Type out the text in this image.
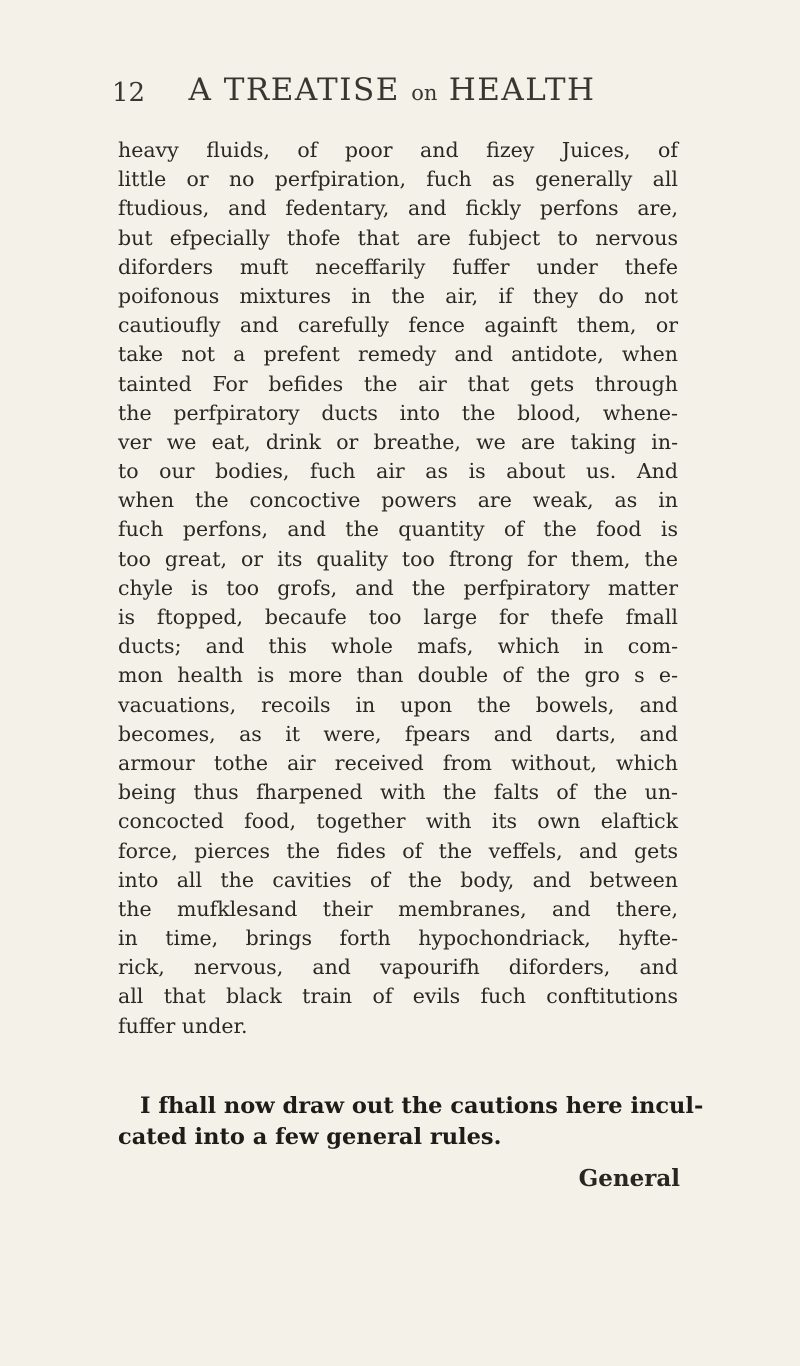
12	A TREATISE on HEALTH
heavy fluids, of poor and fizey Juices, of
little or no perfpiration, fuch as generally all
ftudious, and fedentary, and fickly perfons are,
but efpecially thofe that are fubject to nervous
diforders muft neceffarily fuffer under thefe
poifonous mixtures in the air, if they do not
cautioufly and carefully fence againft them, or
take not a prefent remedy and antidote, when
tainted For befides the air that gets through
the perfpiratory ducts into the blood, whene-
ver we eat, drink or breathe, we are taking in-
to our bodies, fuch air as is about us. And
when the concoctive powers are weak, as in
fuch perfons, and the quantity of the food is
too great, or its quality too ftrong for them, the
chyle is too grofs, and the perfpiratory matter
is ftopped, becaufe too large for thefe fmall
ducts; and this whole mafs, which in com-
mon health is more than double of the gro s e-
vacuations, recoils in upon the bowels, and
becomes, as it were, fpears and darts, and
armour tothe air received from without, which
being thus fharpened with the falts of the un-
concocted food, together with its own elaftick
force, pierces the fides of the veffels, and gets
into all the cavities of the body, and between
the mufklesand their membranes, and there,
in time, brings forth hypochondriack, hyfte-
rick, nervous, and vapourifh diforders, and
all that black train of evils fuch conftitutions
fuffer under.
I fhall now draw out the cautions here incul-
cated into a few general rules.
General
